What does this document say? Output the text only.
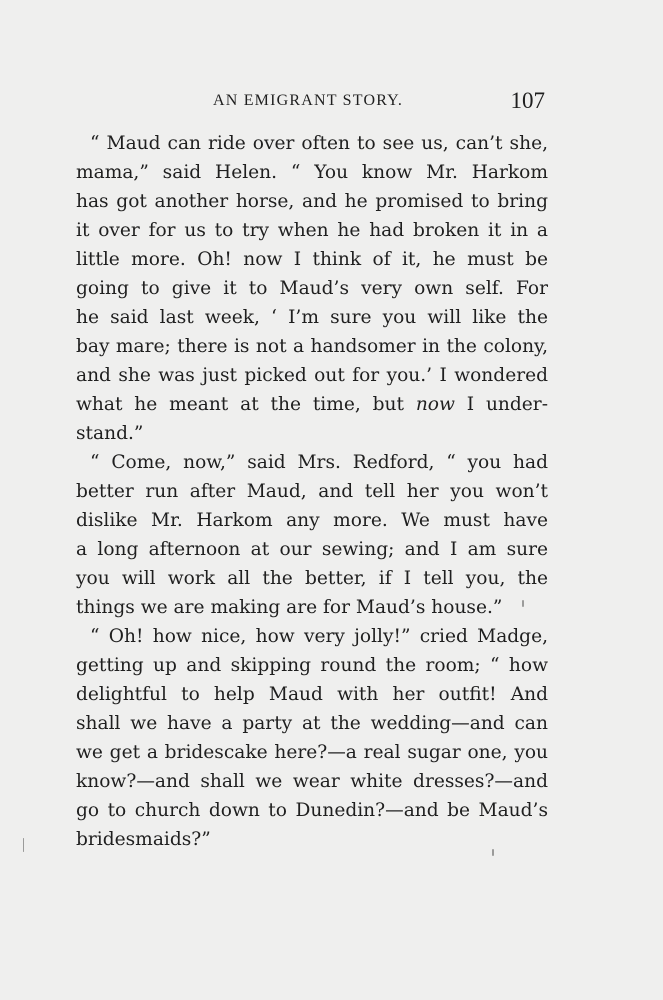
AN EMIGRANT STORY.	107
“ Maud can ride over often to see us, can’t she,
mama,” said Helen. “ You know Mr. Harkom
has got another horse, and he promised to bring
it over for us to try when he had broken it in a
little more. Oh! now I think of it, he must be
going to give it to Maud’s very own self. For
he said last week, ‘ I’m sure you will like the
bay mare; there is not a handsomer in the colony,
and she was just picked out for you.’ I wondered
what he meant at the time, but now I under-
stand.”
“ Come, now,” said Mrs. Redford, “ you had
better run after Maud, and tell her you won’t
dislike Mr. Harkom any more. We must have
a long afternoon at our sewing; and I am sure
you will work all the better, if I tell you, the
things we are making are for Maud’s house.”
“ Oh! how nice, how very jolly!” cried Madge,
getting up and skipping round the room; “ how
delightful to help Maud with her outfit! And
shall we have a party at the wedding—and can
we get a bridescake here?—a real sugar one, you
know?—and shall we wear white dresses?—and
go to church down to Dunedin?—and be Maud’s
bridesmaids?”
